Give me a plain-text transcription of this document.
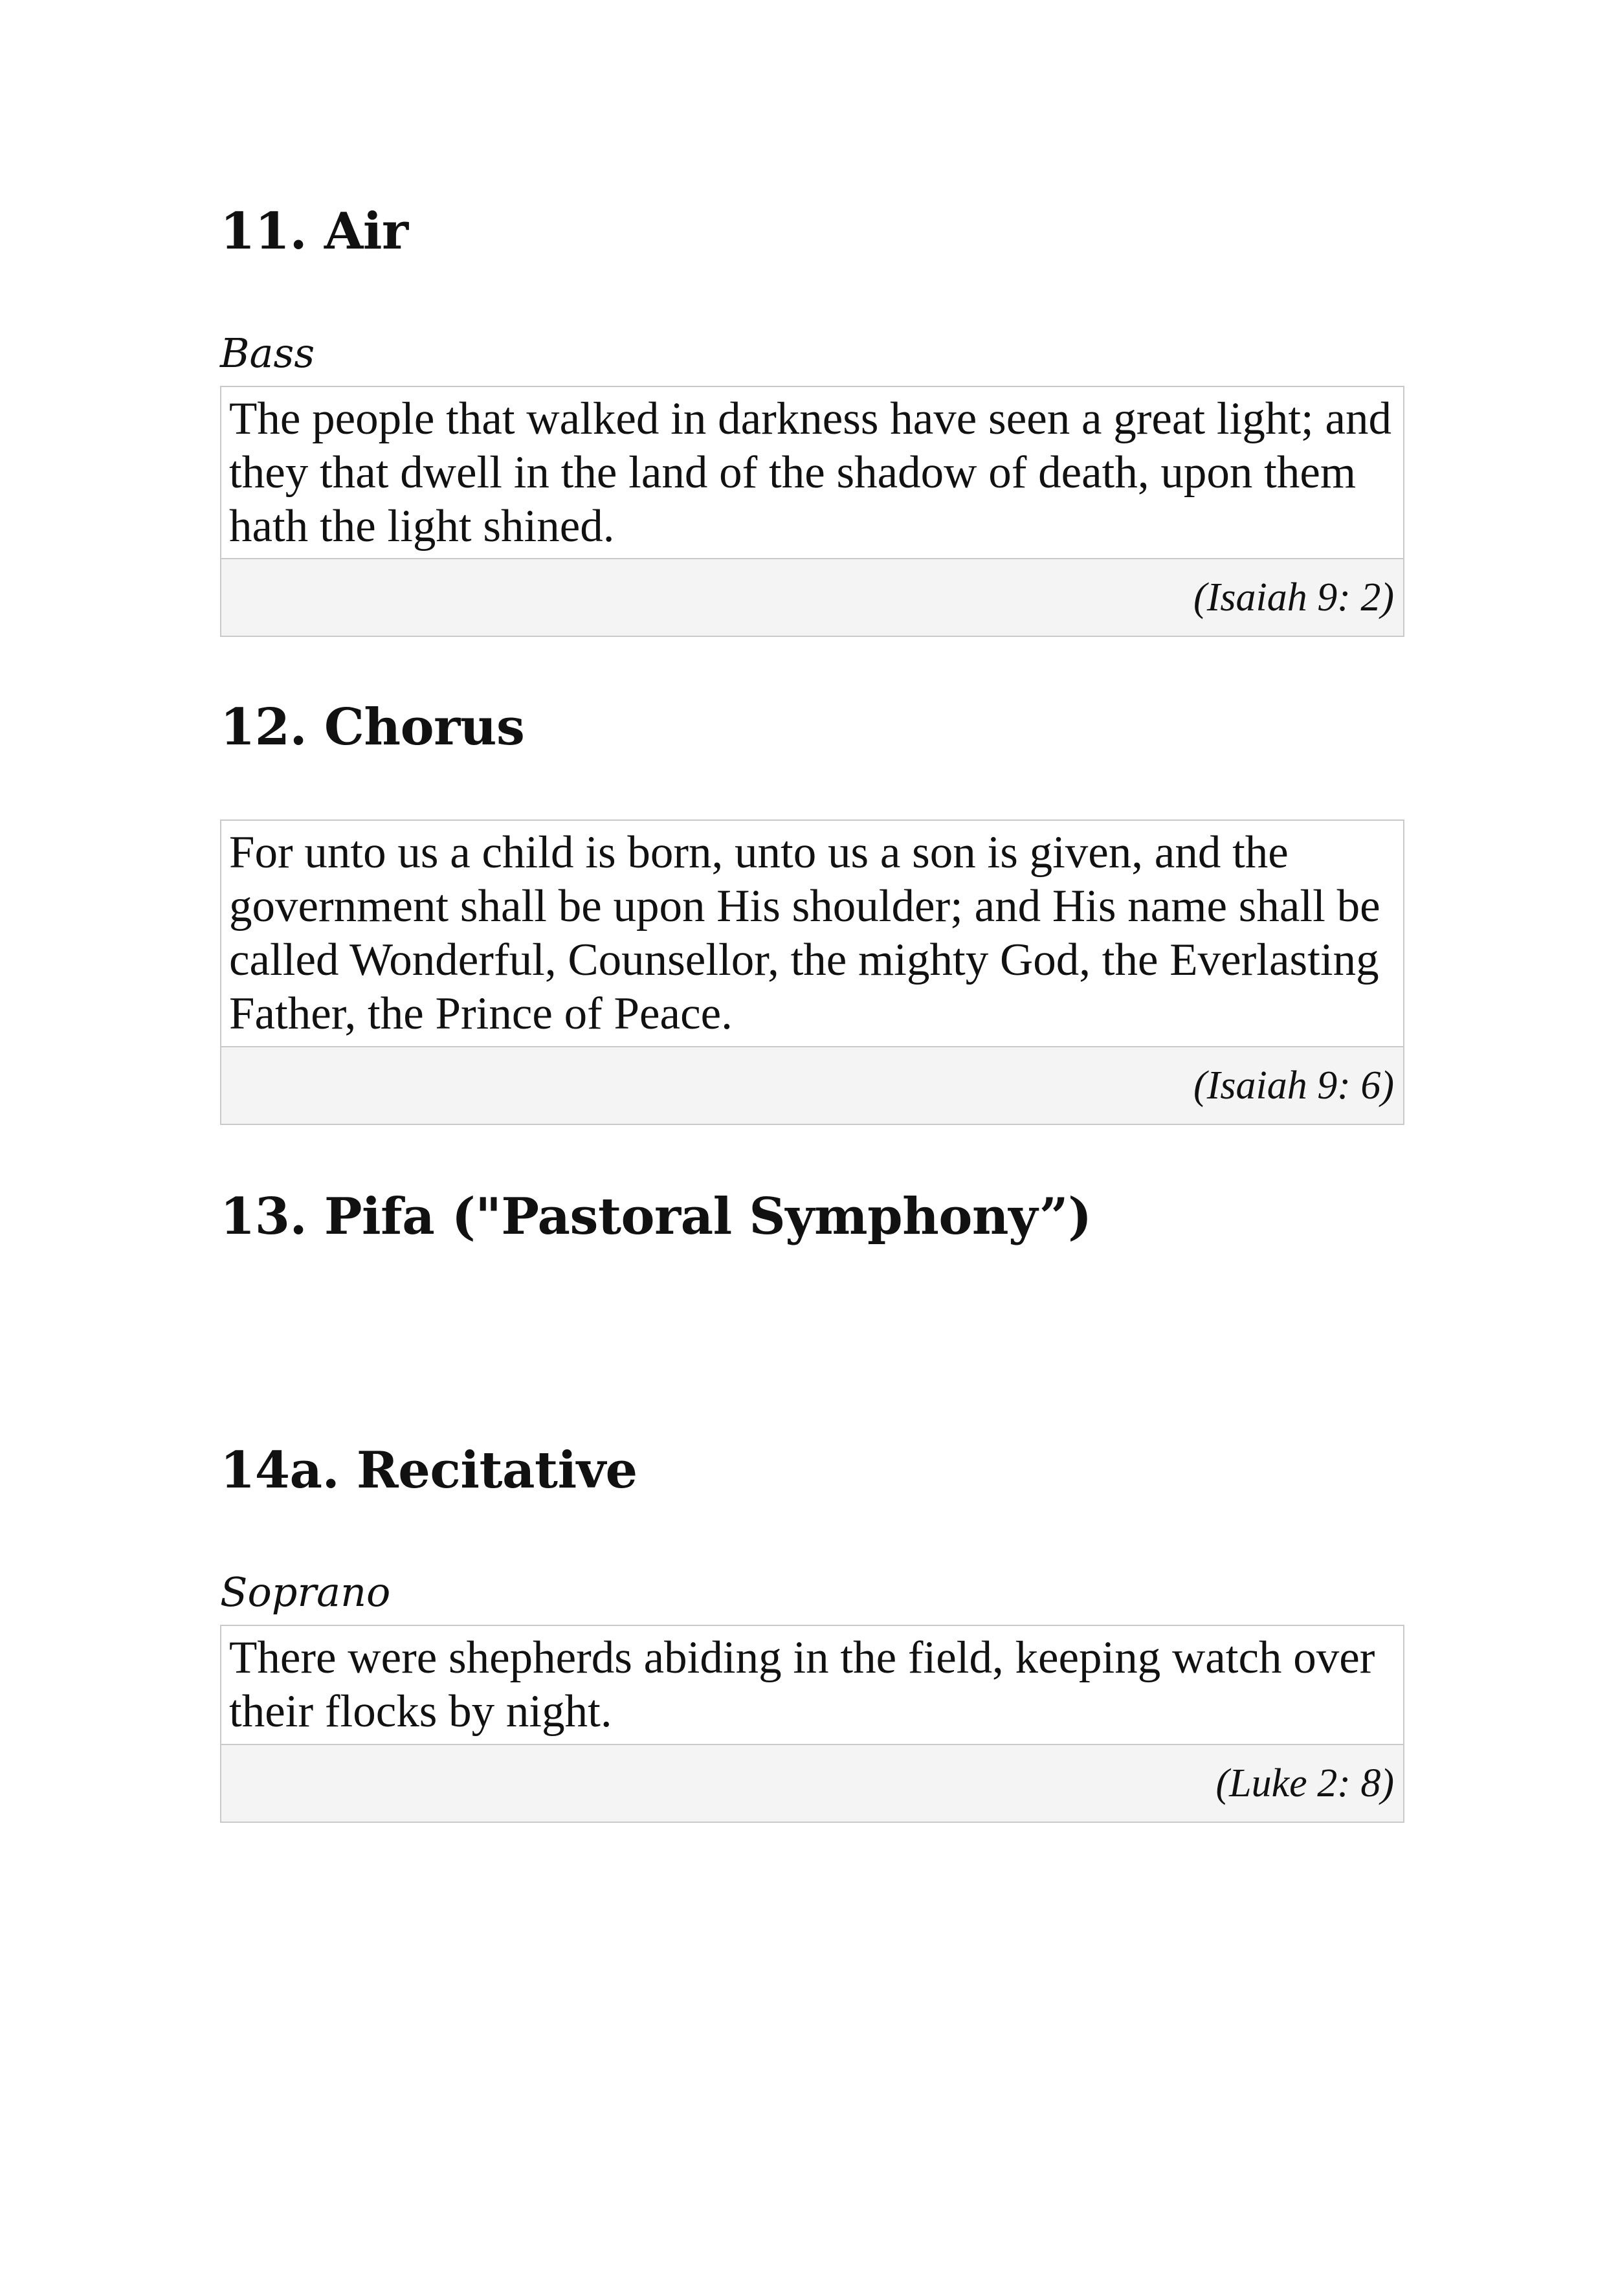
11. Air
Bass
The people that walked in darkness have seen a great light; and they that dwell in the land of the shadow of death, upon them hath the light shined.
(Isaiah 9: 2)
12. Chorus
For unto us a child is born, unto us a son is given, and the government shall be upon His shoulder; and His name shall be called Wonderful, Counsellor, the mighty God, the Everlasting Father, the Prince of Peace.
(Isaiah 9: 6)
13. Pifa ("Pastoral Symphony”)
14a. Recitative
Soprano
There were shepherds abiding in the field, keeping watch over their flocks by night.
(Luke 2: 8)
